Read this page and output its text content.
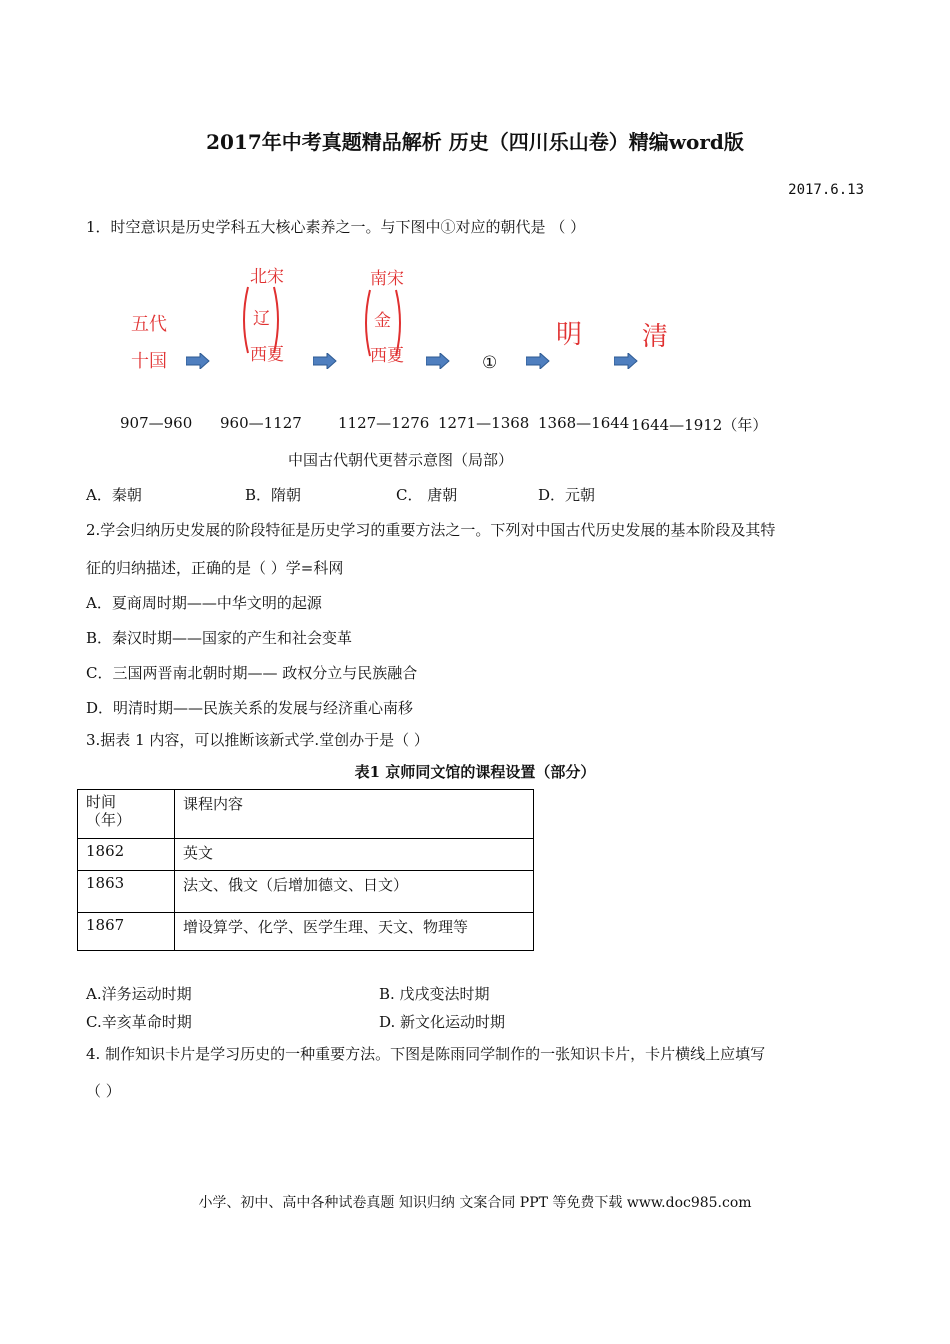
2017年中考真题精品解析 历史（四川乐山卷）精编word版
2017.6.13
1．时空意识是历史学科五大核心素养之一。与下图中①对应的朝代是 （ ）
五代
十国
北宋
辽
西夏
南宋
金
西夏	①
明 清
907—960 960—1127 1127—1276 1271—1368 1368—1644 1644—1912（年）
中国古代朝代更替示意图（局部）
A．秦朝	B．隋朝	C． 唐朝	D．元朝
2.学会归纳历史发展的阶段特征是历史学习的重要方法之一。下列对中国古代历史发展的基本阶段及其特
征的归纳描述，正确的是（ ）学=科网
A．夏商周时期——中华文明的起源
B．秦汉时期——国家的产生和社会变革
C．三国两晋南北朝时期—— 政权分立与民族融合
D．明清时期——民族关系的发展与经济重心南移
3.据表 1 内容，可以推断该新式学.堂创办于是（ ）
表1 京师同文馆的课程设置（部分）
时间
（年）	课程内容
1862	英文
1863	法文、俄文（后增加德文、日文）
1867	增设算学、化学、医学生理、天文、物理等
A.洋务运动时期	B. 戊戌变法时期
C.辛亥革命时期	D. 新文化运动时期
4. 制作知识卡片是学习历史的一种重要方法。下图是陈雨同学制作的一张知识卡片，卡片横线上应填写
（ ）
小学、初中、高中各种试卷真题 知识归纳 文案合同 PPT 等免费下载 www.doc985.com
